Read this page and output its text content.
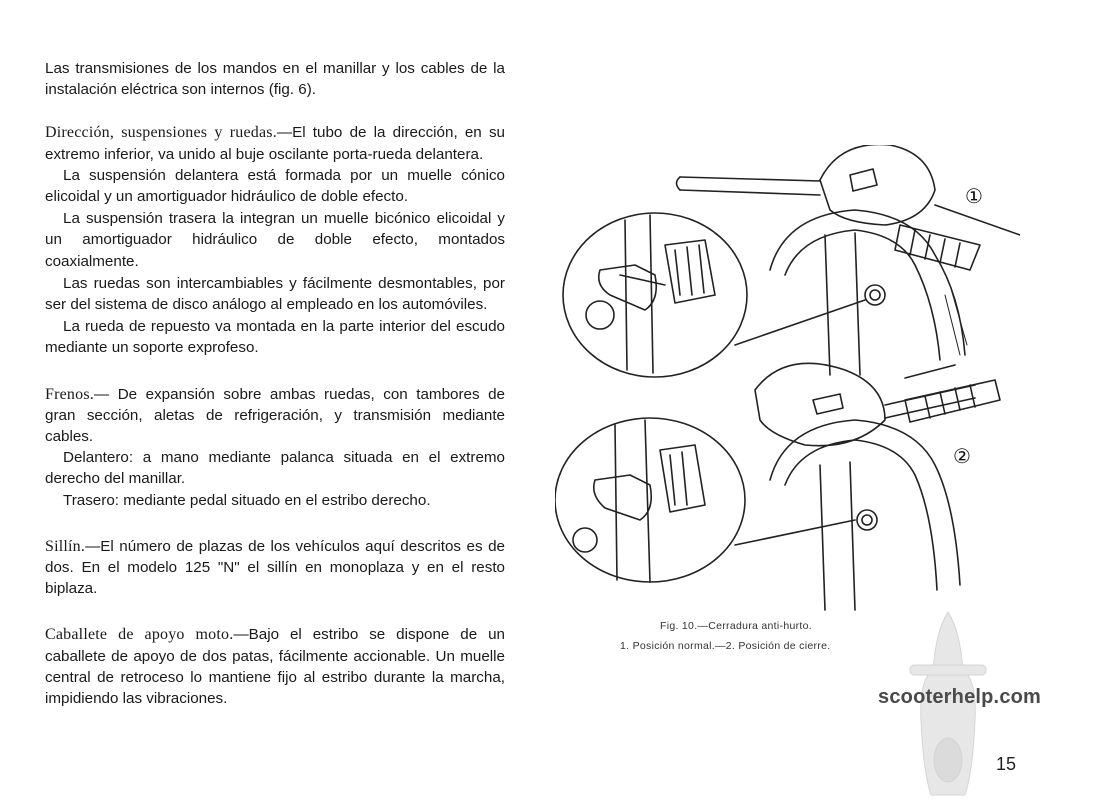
Las transmisiones de los mandos en el manillar y los cables de la instalación eléctrica son internos (fig. 6).

Dirección, suspensiones y ruedas.—El tubo de la dirección, en su extremo inferior, va unido al buje oscilante porta-rueda delantera.

La suspensión delantera está formada por un muelle cónico elicoidal y un amortiguador hidráulico de doble efecto.

La suspensión trasera la integran un muelle bicónico elicoidal y un amortiguador hidráulico de doble efecto, montados coaxialmente.

Las ruedas son intercambiables y fácilmente desmontables, por ser del sistema de disco análogo al empleado en los automóviles.

La rueda de repuesto va montada en la parte interior del escudo mediante un soporte exprofeso.

Frenos.— De expansión sobre ambas ruedas, con tambores de gran sección, aletas de refrigeración, y transmisión mediante cables.

Delantero: a mano mediante palanca situada en el extremo derecho del manillar.

Trasero: mediante pedal situado en el estribo derecho.

Sillín.—El número de plazas de los vehículos aquí descritos es de dos. En el modelo 125 "N" el sillín en monoplaza y en el resto biplaza.

Caballete de apoyo moto.—Bajo el estribo se dispone de un caballete de apoyo de dos patas, fácilmente accionable. Un muelle central de retroceso lo mantiene fijo al estribo durante la marcha, impidiendo las vibraciones.

①
②
Fig. 10.—Cerradura anti-hurto.
1. Posición normal.—2. Posición de cierre.
scooterhelp.com
15
